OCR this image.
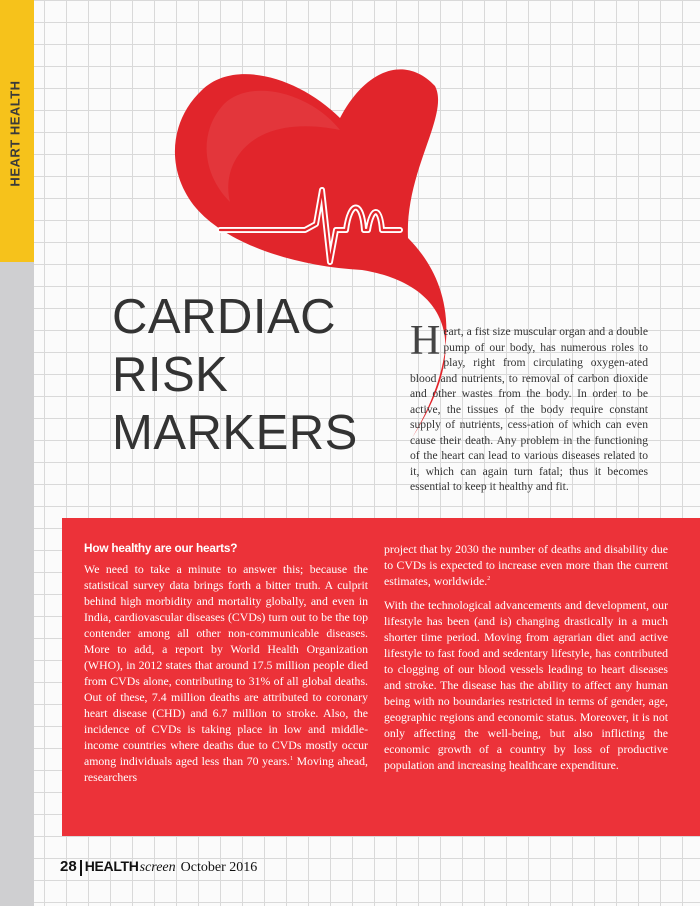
HEART HEALTH
CARDIAC
RISK
MARKERS
Heart, a fist size muscular organ and a double pump of our body, has numerous roles to play, right from circulating oxygen-ated blood and nutrients, to removal of carbon dioxide and other wastes from the body. In order to be active, the tissues of the body require constant supply of nutrients, cess-ation of which can even cause their death. Any problem in the functioning of the heart can lead to various diseases related to it, which can again turn fatal; thus it becomes essential to keep it healthy and fit.
How healthy are our hearts?

We need to take a minute to answer this; because the statistical survey data brings forth a bitter truth. A culprit behind high morbidity and mortality globally, and even in India, cardiovascular diseases (CVDs) turn out to be the top contender among all other non-communicable diseases. More to add, a report by World Health Organization (WHO), in 2012 states that around 17.5 million people died from CVDs alone, contributing to 31% of all global deaths. Out of these, 7.4 million deaths are attributed to coronary heart disease (CHD) and 6.7 million to stroke. Also, the incidence of CVDs is taking place in low and middle-income countries where deaths due to CVDs mostly occur among individuals aged less than 70 years.$^1$ Moving ahead, researchers

project that by 2030 the number of deaths and disability due to CVDs is expected to increase even more than the current estimates, worldwide.$^2$

With the technological advancements and development, our lifestyle has been (and is) changing drastically in a much shorter time period. Moving from agrarian diet and active lifestyle to fast food and sedentary lifestyle, has contributed to clogging of our blood vessels leading to heart diseases and stroke. The disease has the ability to affect any human being with no boundaries restricted in terms of gender, age, geographic regions and economic status. Moreover, it is not only affecting the well-being, but also inflicting the economic growth of a country by loss of productive population and increasing healthcare expenditure.

28 HEALTH screen October 2016
